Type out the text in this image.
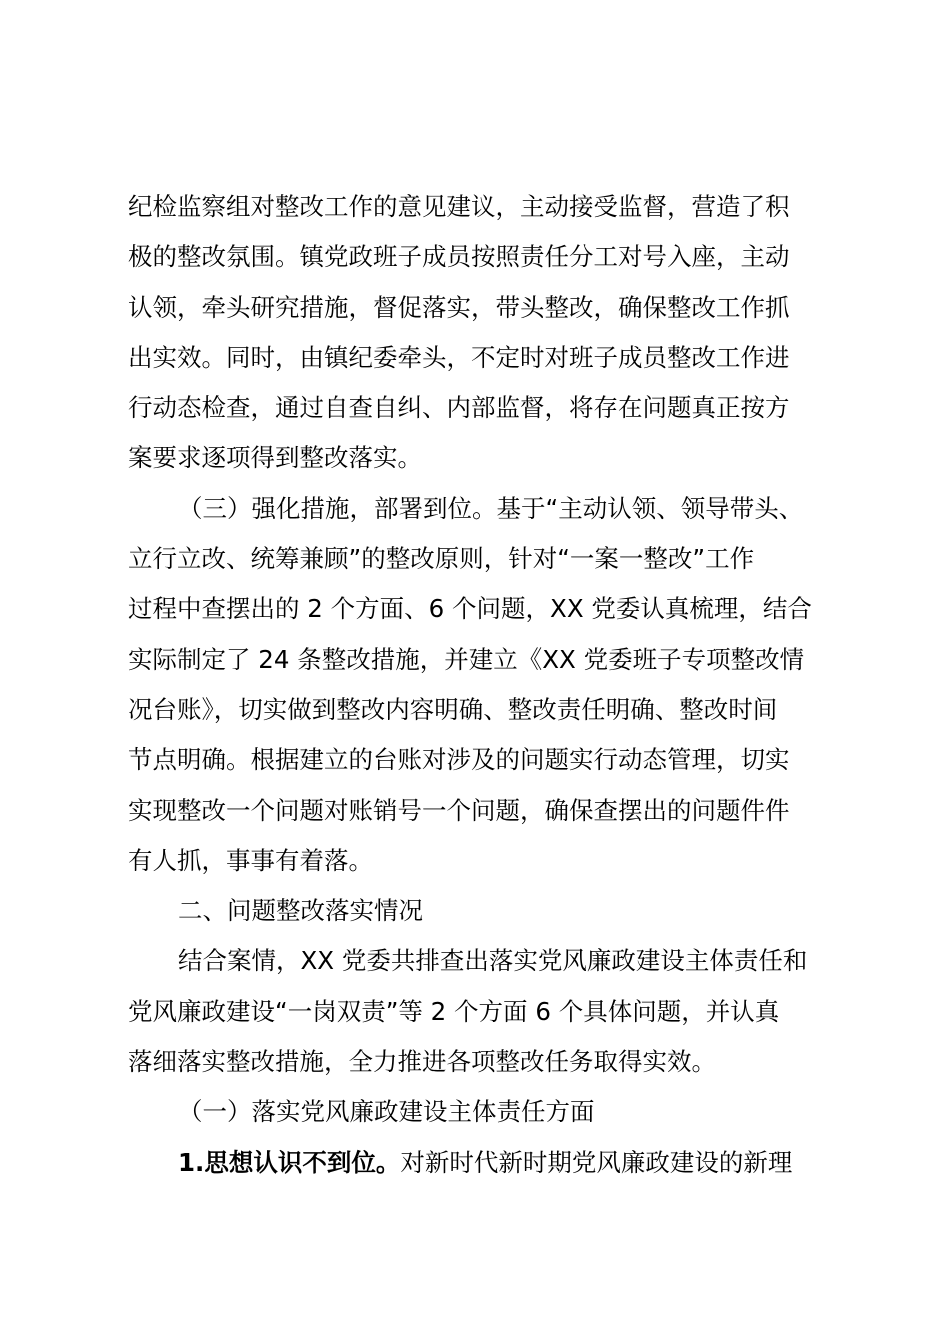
纪检监察组对整改工作的意见建议，主动接受监督，营造了积
极的整改氛围。镇党政班子成员按照责任分工对号入座，主动
认领，牵头研究措施，督促落实，带头整改，确保整改工作抓
出实效。同时，由镇纪委牵头，不定时对班子成员整改工作进
行动态检查，通过自查自纠、内部监督，将存在问题真正按方
案要求逐项得到整改落实。
（三）强化措施，部署到位。基于“主动认领、领导带头、
立行立改、统筹兼顾”的整改原则，针对“一案一整改”工作
过程中查摆出的 2 个方面、6 个问题，XX 党委认真梳理，结合
实际制定了 24 条整改措施，并建立《XX 党委班子专项整改情
况台账》，切实做到整改内容明确、整改责任明确、整改时间
节点明确。根据建立的台账对涉及的问题实行动态管理，切实
实现整改一个问题对账销号一个问题，确保查摆出的问题件件
有人抓，事事有着落。
二、问题整改落实情况
结合案情，XX 党委共排查出落实党风廉政建设主体责任和
党风廉政建设“一岗双责”等 2 个方面 6 个具体问题，并认真
落细落实整改措施，全力推进各项整改任务取得实效。
（一）落实党风廉政建设主体责任方面
1.思想认识不到位。对新时代新时期党风廉政建设的新理
